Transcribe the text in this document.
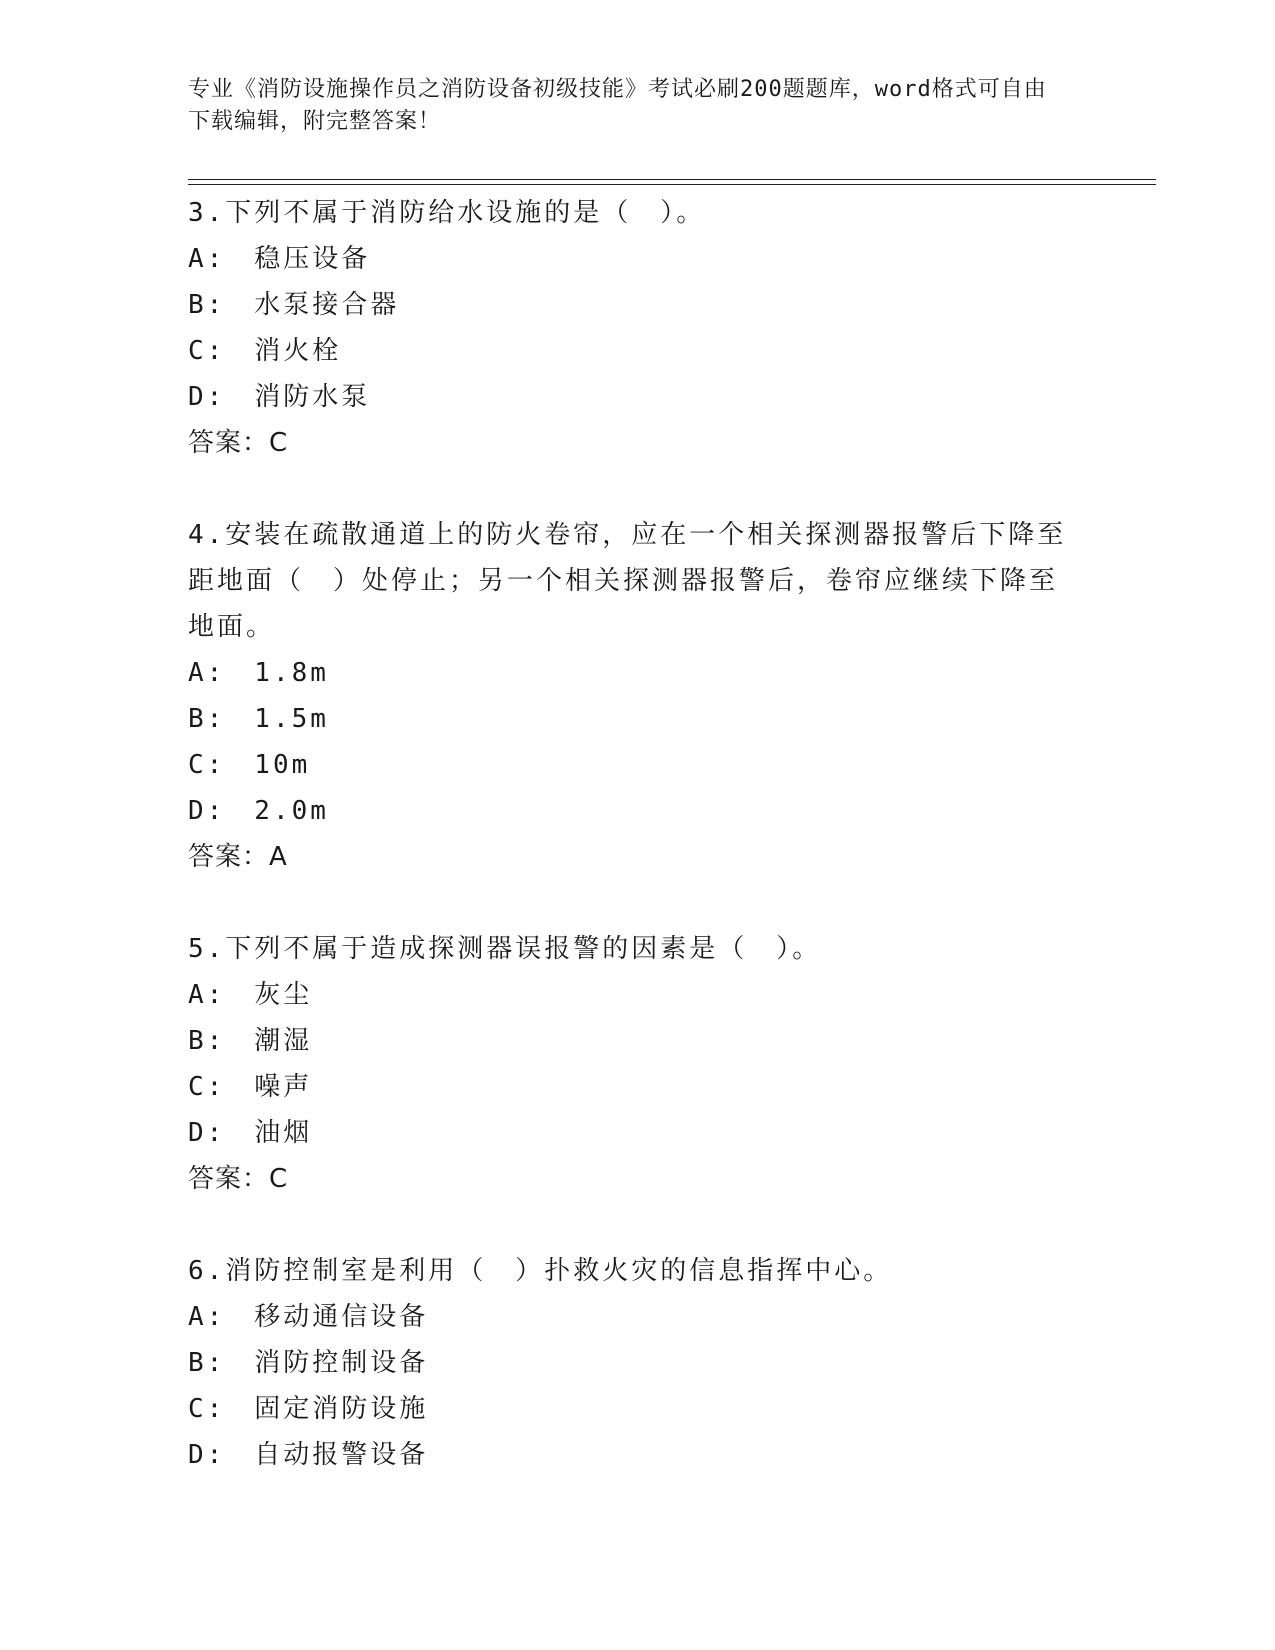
专业《消防设施操作员之消防设备初级技能》考试必刷200题题库，word格式可自由下载编辑，附完整答案！
3.下列不属于消防给水设施的是（　）。
A:　稳压设备
B:　水泵接合器
C:　消火栓
D:　消防水泵
答案：C
4.安装在疏散通道上的防火卷帘，应在一个相关探测器报警后下降至距地面（　）处停止；另一个相关探测器报警后，卷帘应继续下降至地面。
A:　1.8m
B:　1.5m
C:　10m
D:　2.0m
答案：A
5.下列不属于造成探测器误报警的因素是（　）。
A:　灰尘
B:　潮湿
C:　噪声
D:　油烟
答案：C
6.消防控制室是利用（　）扑救火灾的信息指挥中心。
A:　移动通信设备
B:　消防控制设备
C:　固定消防设施
D:　自动报警设备
